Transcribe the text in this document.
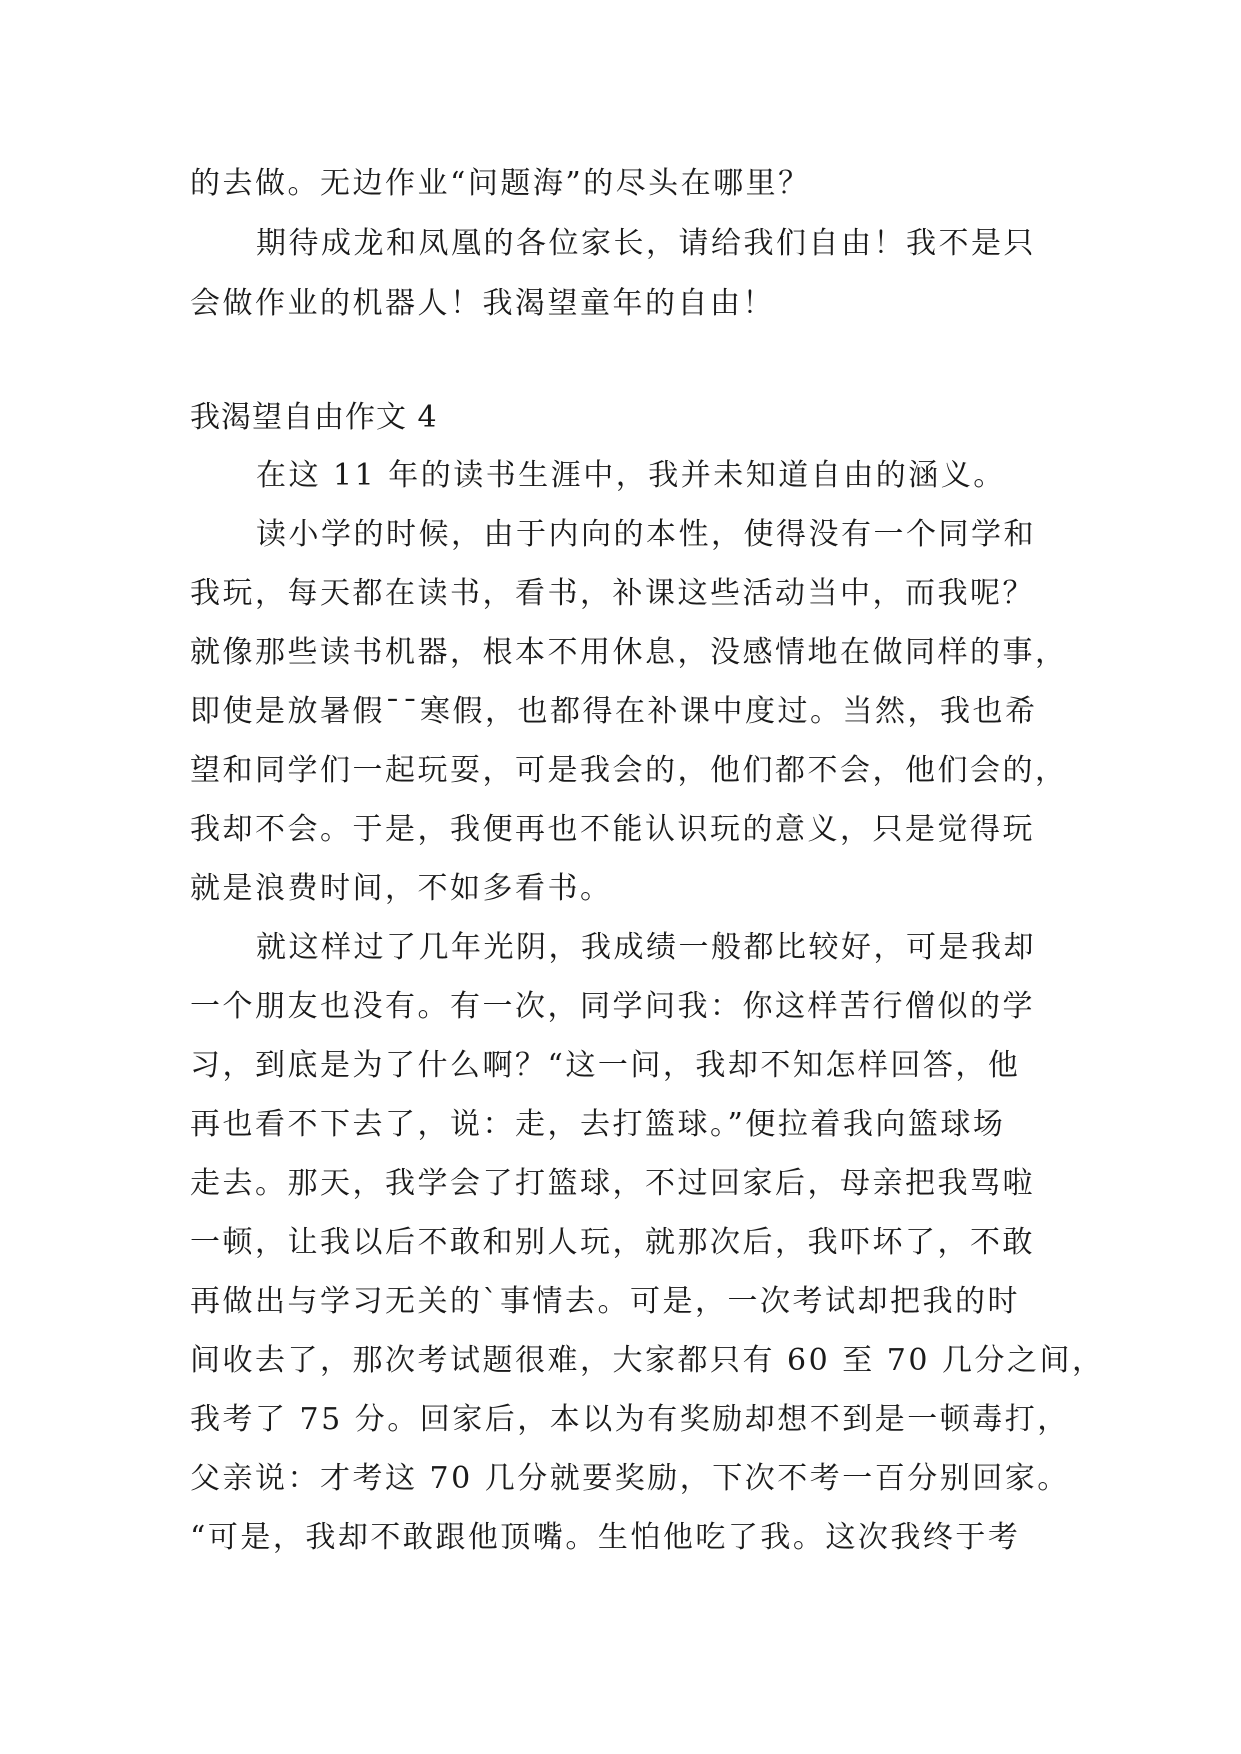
的去做。无边作业“问题海”的尽头在哪里？
期待成龙和凤凰的各位家长，请给我们自由！我不是只
会做作业的机器人！我渴望童年的自由！
我渴望自由作文 4
在这 11 年的读书生涯中，我并未知道自由的涵义。
读小学的时候，由于内向的本性，使得没有一个同学和
我玩，每天都在读书，看书，补课这些活动当中，而我呢？
就像那些读书机器，根本不用休息，没感情地在做同样的事，
即使是放暑假¯¯寒假，也都得在补课中度过。当然，我也希
望和同学们一起玩耍，可是我会的，他们都不会，他们会的，
我却不会。于是，我便再也不能认识玩的意义，只是觉得玩
就是浪费时间，不如多看书。
就这样过了几年光阴，我成绩一般都比较好，可是我却
一个朋友也没有。有一次，同学问我：你这样苦行僧似的学
习，到底是为了什么啊？“这一问，我却不知怎样回答，他
再也看不下去了，说：走，去打篮球。”便拉着我向篮球场
走去。那天，我学会了打篮球，不过回家后，母亲把我骂啦
一顿，让我以后不敢和别人玩，就那次后，我吓坏了，不敢
再做出与学习无关的`事情去。可是，一次考试却把我的时
间收去了，那次考试题很难，大家都只有 60 至 70 几分之间，
我考了 75 分。回家后，本以为有奖励却想不到是一顿毒打，
父亲说：才考这 70 几分就要奖励，下次不考一百分别回家。
“可是，我却不敢跟他顶嘴。生怕他吃了我。这次我终于考
